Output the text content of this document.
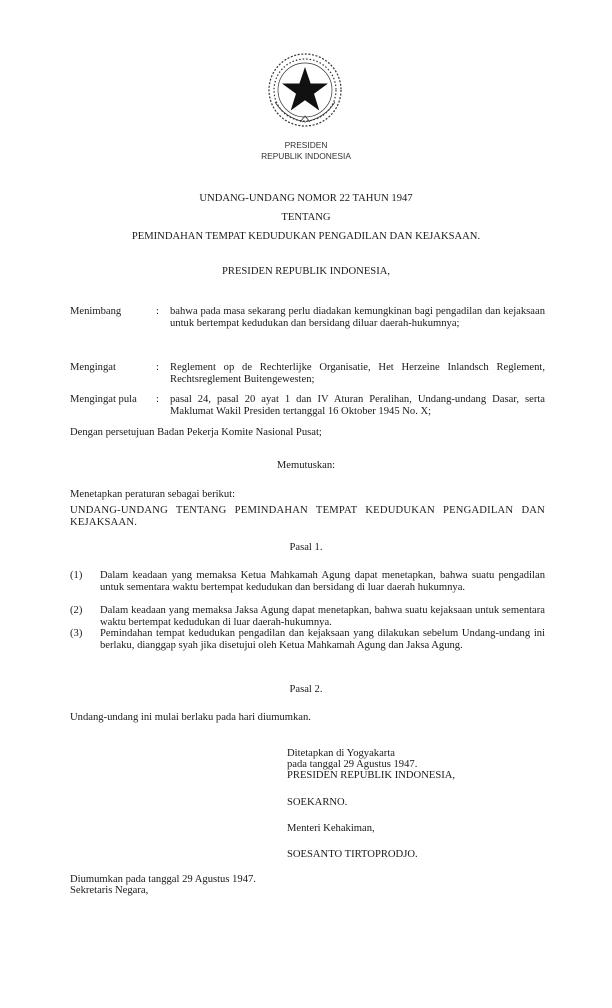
PRESIDEN
REPUBLIK INDONESIA
UNDANG-UNDANG NOMOR 22 TAHUN 1947
TENTANG
PEMINDAHAN TEMPAT KEDUDUKAN PENGADILAN DAN KEJAKSAAN.
PRESIDEN REPUBLIK INDONESIA,
Menimbang	: bahwa pada masa sekarang perlu diadakan kemungkinan bagi pengadilan dan kejaksaan untuk bertempat kedudukan dan bersidang diluar daerah-hukumnya;
Mengingat	: Reglement op de Rechterlijke Organisatie, Het Herzeine Inlandsch Reglement, Rechtsreglement Buitengewesten;
Mengingat pula	: pasal 24, pasal 20 ayat 1 dan IV Aturan Peralihan, Undang-undang Dasar, serta Maklumat Wakil Presiden tertanggal 16 Oktober 1945 No. X;
Dengan persetujuan Badan Pekerja Komite Nasional Pusat;
Memutuskan:
Menetapkan peraturan sebagai berikut:
UNDANG-UNDANG TENTANG PEMINDAHAN TEMPAT KEDUDUKAN PENGADILAN DAN KEJAKSAAN.
Pasal 1.
(1) Dalam keadaan yang memaksa Ketua Mahkamah Agung dapat menetapkan, bahwa suatu pengadilan untuk sementara waktu bertempat kedudukan dan bersidang di luar daerah hukumnya.
(2) Dalam keadaan yang memaksa Jaksa Agung dapat menetapkan, bahwa suatu kejaksaan untuk sementara waktu bertempat kedudukan di luar daerah-hukumnya.
(3) Pemindahan tempat kedudukan pengadilan dan kejaksaan yang dilakukan sebelum Undang-undang ini berlaku, dianggap syah jika disetujui oleh Ketua Mahkamah Agung dan Jaksa Agung.
Pasal 2.
Undang-undang ini mulai berlaku pada hari diumumkan.
Ditetapkan di Yogyakarta
pada tanggal 29 Agustus 1947.
PRESIDEN REPUBLIK INDONESIA,
SOEKARNO.
Menteri Kehakiman,
SOESANTO TIRTOPRODJO.
Diumumkan pada tanggal 29 Agustus 1947.
Sekretaris Negara,
